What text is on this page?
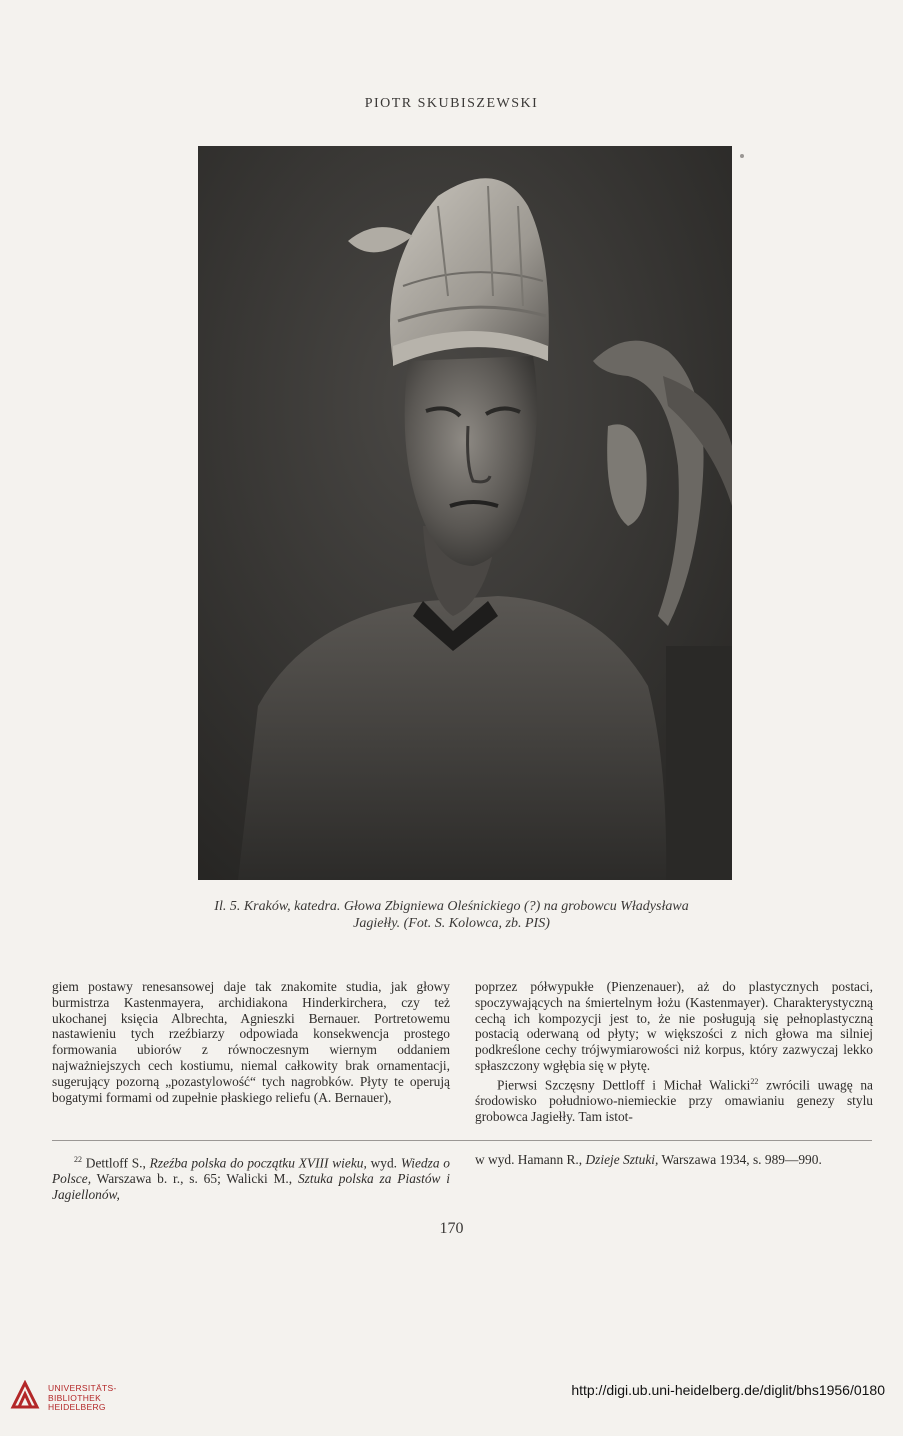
PIOTR SKUBISZEWSKI
Il. 5. Kraków, katedra. Głowa Zbigniewa Oleśnickiego (?) na grobowcu Władysława
Jagiełły. (Fot. S. Kolowca, zb. PIS)

giem postawy renesansowej daje tak znakomite studia, jak głowy burmistrza Kastenmayera, archidiakona Hinderkirchera, czy też ukochanej księcia Albrechta, Agnieszki Bernauer. Portretowemu nastawieniu tych rzeźbiarzy odpowiada konsekwencja prostego formowania ubiorów z równoczesnym wiernym oddaniem najważniejszych cech kostiumu, niemal całkowity brak ornamentacji, sugerujący pozorną „pozastylowość“ tych nagrobków. Płyty te operują bogatymi formami od zupełnie płaskiego reliefu (A. Bernauer),

poprzez półwypukłe (Pienzenauer), aż do plastycznych postaci, spoczywających na śmiertelnym łożu (Kastenmayer). Charakterystyczną cechą ich kompozycji jest to, że nie posługują się pełnoplastyczną postacią oderwaną od płyty; w większości z nich głowa ma silniej podkreślone cechy trójwymiarowości niż korpus, który zazwyczaj lekko spłaszczony wgłębia się w płytę.

Pierwsi Szczęsny Dettloff i Michał Walicki$^{22}$ zwrócili uwagę na środowisko południowo-niemieckie przy omawianiu genezy stylu grobowca Jagiełły. Tam istot-

$^{22}$ Dettloff S., Rzeźba polska do początku XVIII wieku, wyd. Wiedza o Polsce, Warszawa b. r., s. 65; Walicki M., Sztuka polska za Piastów i Jagiellonów,
w wyd. Hamann R., Dzieje Sztuki, Warszawa 1934, s. 989—990.
170
UNIVERSITÄTS-
BIBLIOTHEK
HEIDELBERG
http://digi.ub.uni-heidelberg.de/diglit/bhs1956/0180
